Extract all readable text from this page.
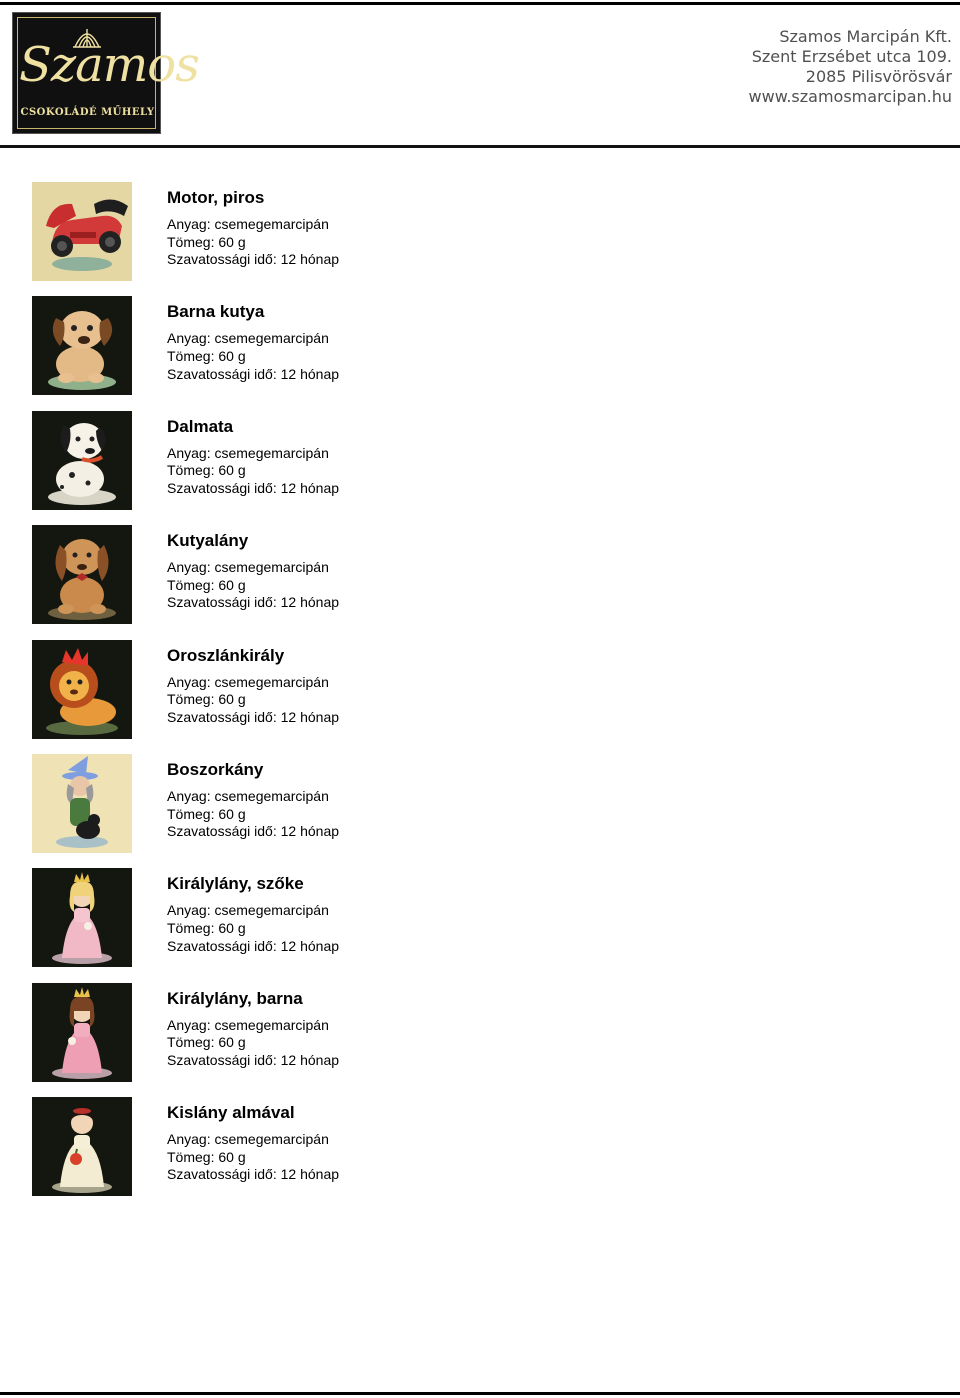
Szamos
CSOKOLÁDÉ MŰHELY
Szamos Marcipán Kft.
Szent Erzsébet utca 109.
2085 Pilisvörösvár
www.szamosmarcipan.hu
Motor, piros
Anyag: csemegemarcipán
Tömeg: 60 g
Szavatossági idő: 12 hónap
Barna kutya
Anyag: csemegemarcipán
Tömeg: 60 g
Szavatossági idő: 12 hónap
Dalmata
Anyag: csemegemarcipán
Tömeg: 60 g
Szavatossági idő: 12 hónap
Kutyalány
Anyag: csemegemarcipán
Tömeg: 60 g
Szavatossági idő: 12 hónap
Oroszlánkirály
Anyag: csemegemarcipán
Tömeg: 60 g
Szavatossági idő: 12 hónap
Boszorkány
Anyag: csemegemarcipán
Tömeg: 60 g
Szavatossági idő: 12 hónap
Királylány, szőke
Anyag: csemegemarcipán
Tömeg: 60 g
Szavatossági idő: 12 hónap
Királylány, barna
Anyag: csemegemarcipán
Tömeg: 60 g
Szavatossági idő: 12 hónap
Kislány almával
Anyag: csemegemarcipán
Tömeg: 60 g
Szavatossági idő: 12 hónap
